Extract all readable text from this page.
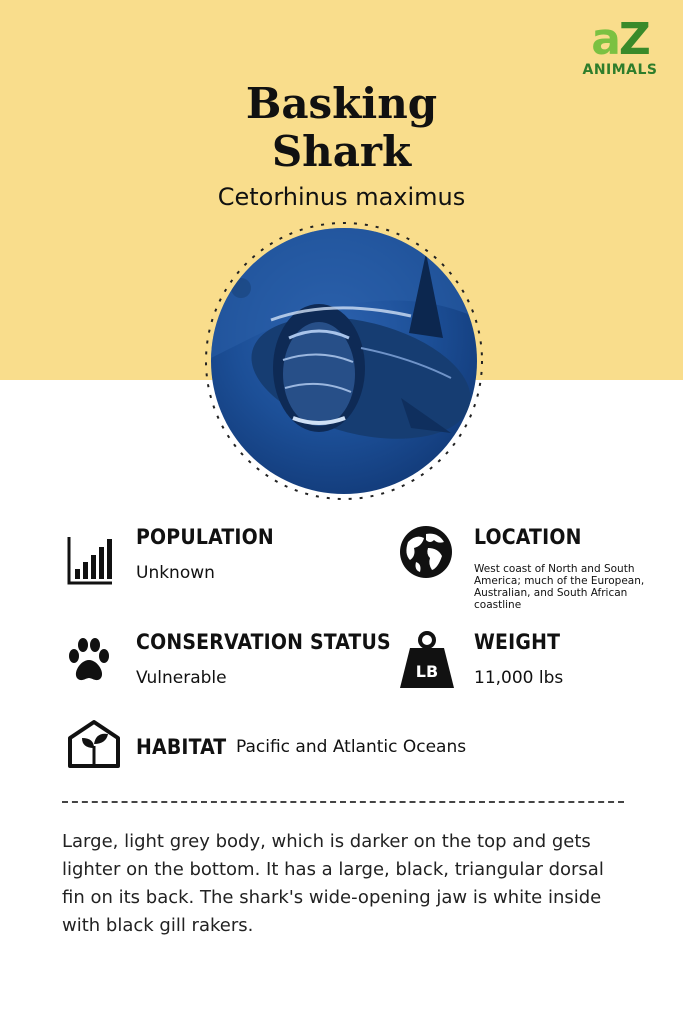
aZ
ANIMALS
Basking
Shark
Cetorhinus maximus
POPULATION
Unknown
LOCATION
West coast of North and South America; much of the European, Australian, and South African coastline
CONSERVATION STATUS
Vulnerable	LB
WEIGHT
11,000 lbs
HABITAT Pacific and Atlantic Oceans
Large, light grey body, which is darker on the top and gets lighter on the bottom. It has a large, black, triangular dorsal fin on its back. The shark's wide-opening jaw is white inside with black gill rakers.
